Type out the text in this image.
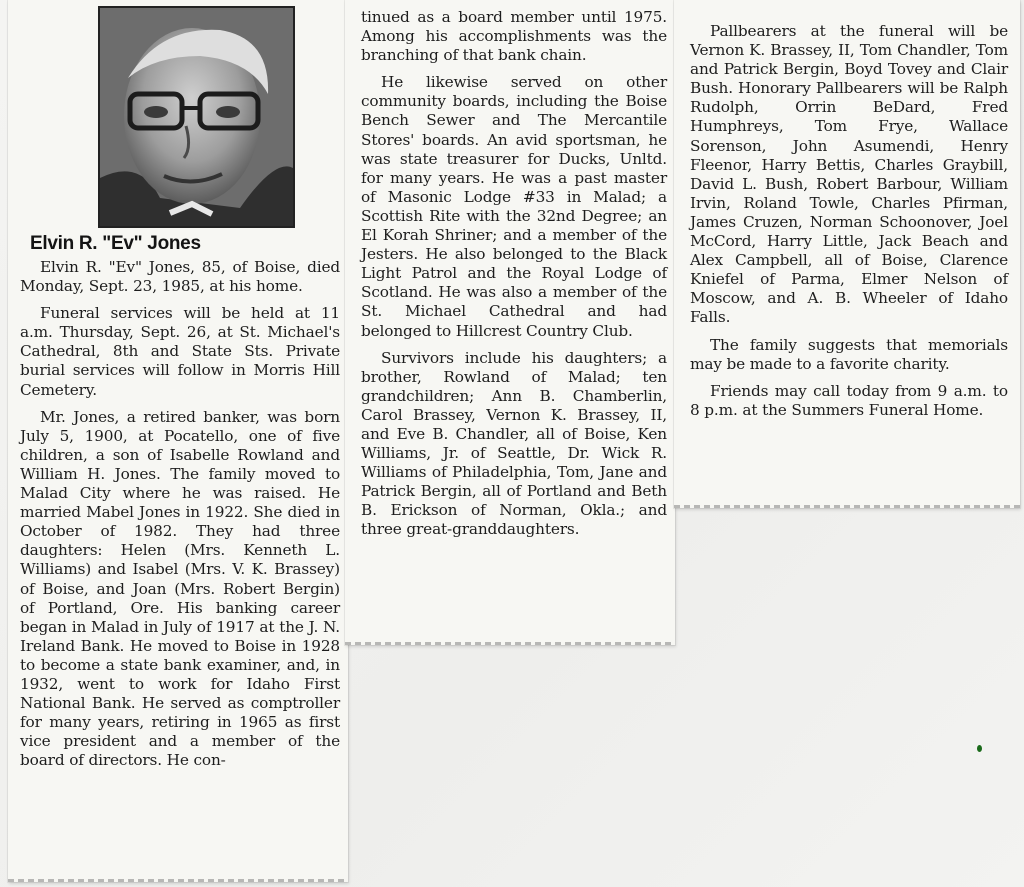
Elvin R. "Ev" Jones

Elvin R. "Ev" Jones, 85, of Boise, died Monday, Sept. 23, 1985, at his home.

Funeral services will be held at 11 a.m. Thursday, Sept. 26, at St. Michael's Cathedral, 8th and State Sts. Private burial services will follow in Morris Hill Cemetery.

Mr. Jones, a retired banker, was born July 5, 1900, at Pocatello, one of five children, a son of Isabelle Rowland and William H. Jones. The family moved to Malad City where he was raised. He married Mabel Jones in 1922. She died in October of 1982. They had three daughters: Helen (Mrs. Kenneth L. Williams) and Isabel (Mrs. V. K. Brassey) of Boise, and Joan (Mrs. Robert Bergin) of Portland, Ore. His banking career began in Malad in July of 1917 at the J. N. Ireland Bank. He moved to Boise in 1928 to become a state bank examiner, and, in 1932, went to work for Idaho First National Bank. He served as comptroller for many years, retiring in 1965 as first vice president and a member of the board of directors. He con-

tinued as a board member until 1975. Among his accomplishments was the branching of that bank chain.

He likewise served on other community boards, including the Boise Bench Sewer and The Mercantile Stores' boards. An avid sportsman, he was state treasurer for Ducks, Unltd. for many years. He was a past master of Masonic Lodge #33 in Malad; a Scottish Rite with the 32nd Degree; an El Korah Shriner; and a member of the Jesters. He also belonged to the Black Light Patrol and the Royal Lodge of Scotland. He was also a member of the St. Michael Cathedral and had belonged to Hillcrest Country Club.

Survivors include his daughters; a brother, Rowland of Malad; ten grandchildren; Ann B. Chamberlin, Carol Brassey, Vernon K. Brassey, II, and Eve B. Chandler, all of Boise, Ken Williams, Jr. of Seattle, Dr. Wick R. Williams of Philadelphia, Tom, Jane and Patrick Bergin, all of Portland and Beth B. Erickson of Norman, Okla.; and three great-granddaughters.

Pallbearers at the funeral will be Vernon K. Brassey, II, Tom Chandler, Tom and Patrick Bergin, Boyd Tovey and Clair Bush. Honorary Pallbearers will be Ralph Rudolph, Orrin BeDard, Fred Humphreys, Tom Frye, Wallace Sorenson, John Asumendi, Henry Fleenor, Harry Bettis, Charles Graybill, David L. Bush, Robert Barbour, William Irvin, Roland Towle, Charles Pfirman, James Cruzen, Norman Schoonover, Joel McCord, Harry Little, Jack Beach and Alex Campbell, all of Boise, Clarence Kniefel of Parma, Elmer Nelson of Moscow, and A. B. Wheeler of Idaho Falls.

The family suggests that memorials may be made to a favorite charity.

Friends may call today from 9 a.m. to 8 p.m. at the Summers Funeral Home.
